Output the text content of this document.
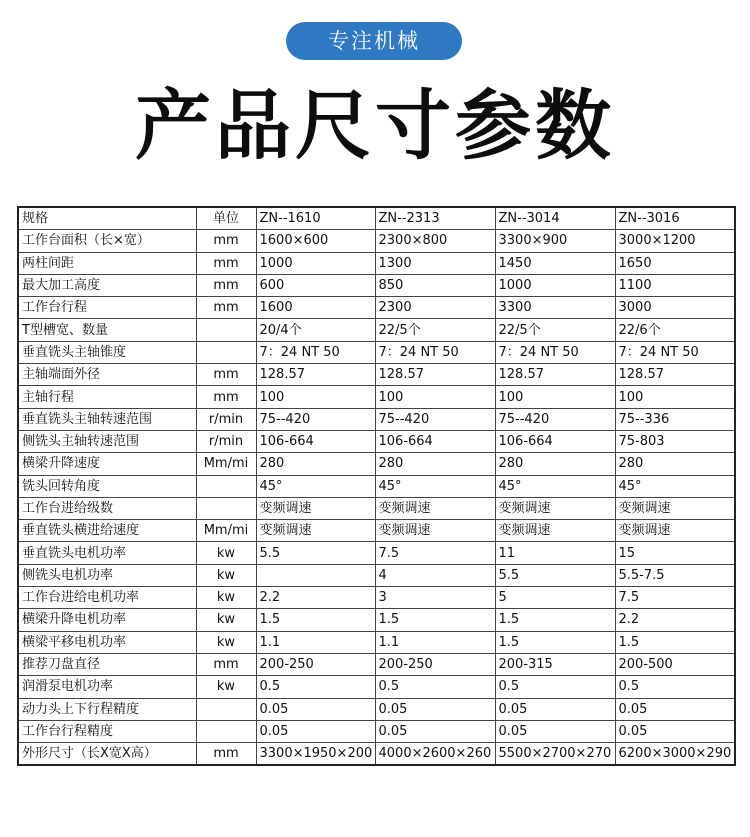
专注机械
产品尺寸参数
规格	单位	ZN--1610	ZN--2313	ZN--3014	ZN--3016
工作台面积（长×宽）	mm	1600×600	2300×800	3300×900	3000×1200
两柱间距	mm	1000	1300	1450	1650
最大加工高度	mm	600	850	1000	1100
工作台行程	mm	1600	2300	3300	3000
T型槽宽、数量		20/4个	22/5个	22/5个	22/6个
垂直铣头主轴锥度		7：24 NT 50	7：24 NT 50	7：24 NT 50	7：24 NT 50
主轴端面外径	mm	128.57	128.57	128.57	128.57
主轴行程	mm	100	100	100	100
垂直铣头主轴转速范围	r/min	75--420	75--420	75--420	75--336
侧铣头主轴转速范围	r/min	106-664	106-664	106-664	75-803
横梁升降速度	Mm/mi	280	280	280	280
铣头回转角度		45°	45°	45°	45°
工作台进给级数		变频调速	变频调速	变频调速	变频调速
垂直铣头横进给速度	Mm/mi	变频调速	变频调速	变频调速	变频调速
垂直铣头电机功率	kw	5.5	7.5	11	15
侧铣头电机功率	kw		4	5.5	5.5-7.5
工作台进给电机功率	kw	2.2	3	5	7.5
横梁升降电机功率	kw	1.5	1.5	1.5	2.2
横梁平移电机功率	kw	1.1	1.1	1.5	1.5
推荐刀盘直径	mm	200-250	200-250	200-315	200-500
润滑泵电机功率	kw	0.5	0.5	0.5	0.5
动力头上下行程精度		0.05	0.05	0.05	0.05
工作台行程精度		0.05	0.05	0.05	0.05
外形尺寸（长X宽X高）	mm	3300×1950×200	4000×2600×260	5500×2700×270	6200×3000×290
